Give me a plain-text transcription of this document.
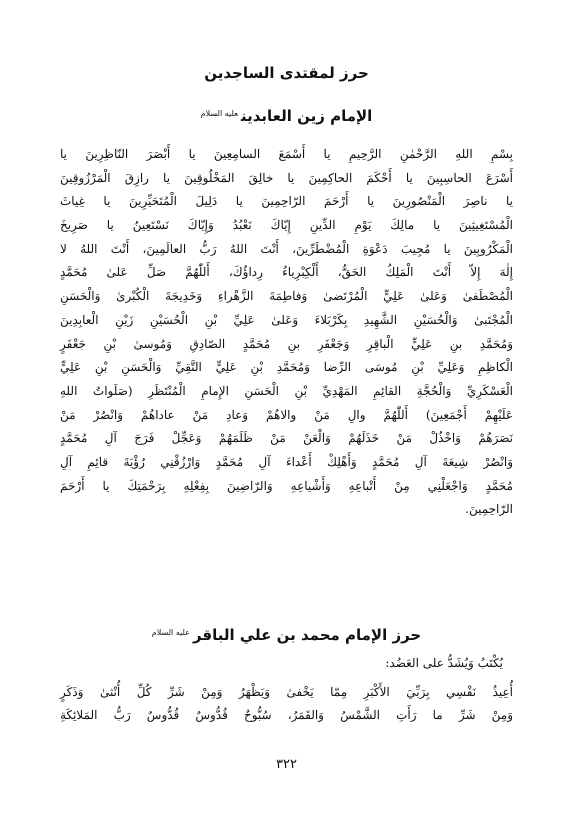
حرز لمقتدى الساجدين
الإمام زين العابدين$^{عليه السلام}$
بِسْمِ اللهِ الرَّحْمٰنِ الرَّحِيمِ يا أَسْمَعَ السامِعِينَ يا أَبْصَرَ النّاظِرِينَ يا
أَسْرَعَ الحاسِبِينَ يا أَحْكَمَ الحاكِمِينَ يا خالِقَ المَخْلُوقِينَ يا رازِقَ الْمَرْزُوقِينَ
يا ناصِرَ الْمَنْصُورِينَ يا أَرْحَمَ الرّاحِمِينَ يا دَلِيلَ الْمُتَحَيِّرِينَ يا غِياثَ
الْمُسْتَغِيثِينَ يا مالِكَ يَوْمِ الدِّينِ إِيّاكَ نَعْبُدُ وَإِيّاكَ نَسْتَعِينُ يا صَرِيخَ
الْمَكْرُوبِينَ يا مُجِيبَ دَعْوَةِ الْمُضْطَرِّينَ، أَنْتَ اللهُ رَبُّ العالَمِينَ، أَنْتَ اللهُ لا
إِلٰهَ إِلاّ أَنْتَ الْمَلِكُ الحَقُّ، أَلْكِبْرِياءُ رِداؤُكَ، أَللّٰهُمَّ صَلِّ عَلىٰ مُحَمَّدٍ
الْمُصْطَفىٰ وَعَلىٰ عَلِيٍّ الْمُرْتَضىٰ وَفاطِمَةَ الزَّهْراءِ وَخَدِيجَةَ الْكُبْرىٰ وَالْحَسَنِ
الْمُجْتَبىٰ وَالْحُسَيْنِ الشَّهِيدِ بِكَرْبَلاءَ وَعَلىٰ عَلِيِّ بْنِ الْحُسَيْنِ زَيْنِ الْعابِدِينَ
وَمُحَمَّدِ بنِ عَلِيٍّ الْباقِرِ وَجَعْفَرِ بنِ مُحَمَّدٍ الصّادِقِ وَمُوسىٰ بْنِ جَعْفَرٍ
الْكاظِمِ وَعَلِيِّ بْنِ مُوسَى الرِّضا وَمُحَمَّدِ بْنِ عَلِيٍّ التَّقِيِّ وَالْحَسَنِ بْنِ عَلِيٍّ
الْعَسْكَرِيِّ وَالْحُجَّةِ القائِمِ المَهْدِيِّ بْنِ الْحَسَنِ الإِمامِ الْمُنْتَظَرِ (صَلَواتُ اللهِ
عَلَيْهِمْ أَجْمَعِينَ) أَللّٰهُمَّ والِ مَنْ والاهُمْ وَعادِ مَنْ عاداهُمْ وَانْصُرْ مَنْ
نَصَرَهُمْ وَاخْذُلْ مَنْ خَذَلَهُمْ وَالْعَنْ مَنْ ظَلَمَهُمْ وَعَجِّلْ فَرَجَ آلِ مُحَمَّدٍ
وَانْصُرْ شِيعَةَ آلِ مُحَمَّدٍ وَأَهْلِكْ أَعْداءَ آلِ مُحَمَّدٍ وَارْزُقْنِي رُؤْيَةَ قائِمِ آلِ
مُحَمَّدٍ وَاجْعَلْنِي مِنْ أَتْباعِهِ وَأَشْياعِهِ وَالرّاضِينَ بِفِعْلِهِ بِرَحْمَتِكَ يا أَرْحَمَ
الرّاحِمِينَ.
حرز الإمام محمد بن علي الباقر$^{عليه السلام}$
يُكْتَبُ وَيُشَدُّ على العَضُد:
أُعِيذُ نَفْسِي بِرَبِّيَ الأَكْبَرِ مِمّا يَخْفىٰ وَيَظْهَرُ وَمِنْ شَرِّ كُلِّ أُنْثىٰ وَذَكَرٍ
وَمِنْ شَرِّ ما رَأَتِ الشَّمْسُ وَالقَمَرُ، سُبُّوحٌ قُدُّوسٌ قُدُّوسٌ رَبُّ المَلائِكَةِ
٣٢٢
